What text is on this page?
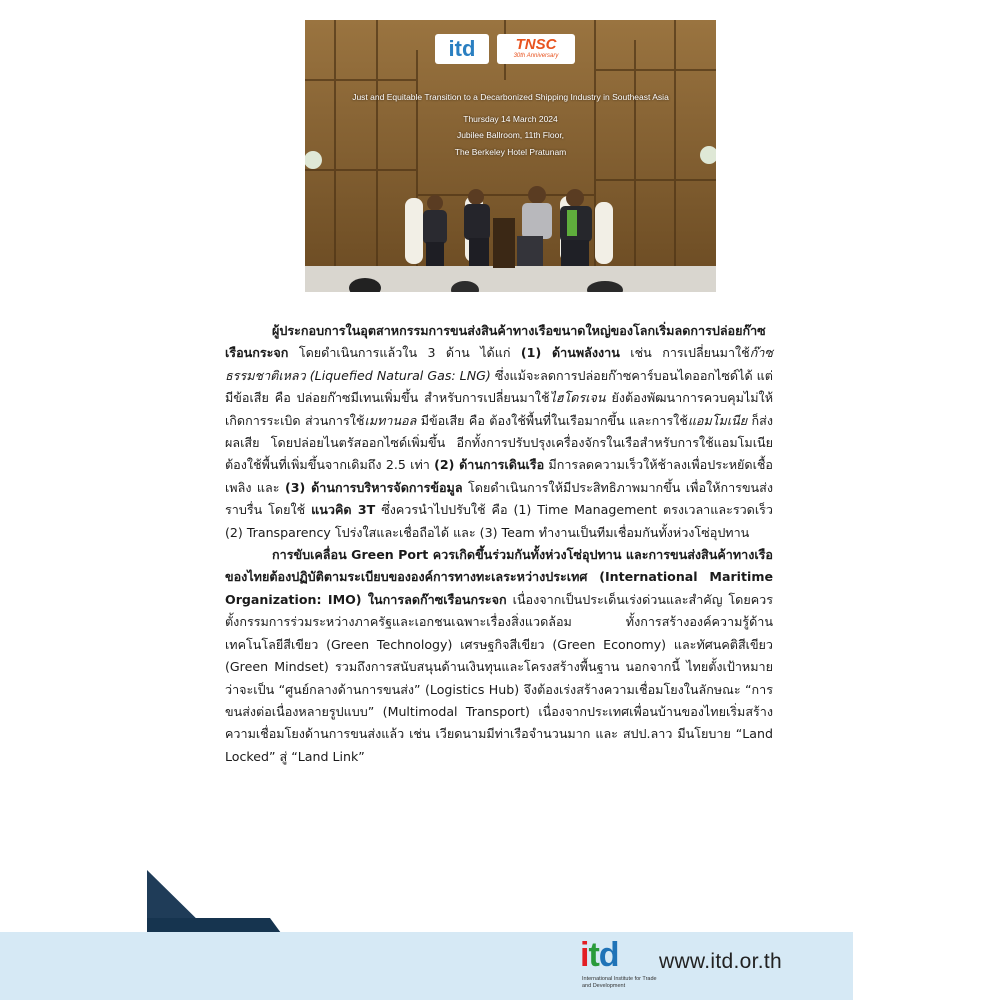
itd	TNSC
30th Anniversary
Just and Equitable Transition to a Decarbonized Shipping Industry in Southeast Asia
Thursday 14 March 2024
Jubilee Ballroom, 11th Floor,
The Berkeley Hotel Pratunam

ผู้ประกอบการในอุตสาหกรรมการขนส่งสินค้าทางเรือขนาดใหญ่ของโลกเริ่มลดการปล่อยก๊าซเรือนกระจก โดยดำเนินการแล้วใน 3 ด้าน ได้แก่ (1) ด้านพลังงาน เช่น การเปลี่ยนมาใช้ก๊าซธรรมชาติเหลว (Liquefied Natural Gas: LNG) ซึ่งแม้จะลดการปล่อยก๊าซคาร์บอนไดออกไซด์ได้ แต่มีข้อเสีย คือ ปล่อยก๊าซมีเทนเพิ่มขึ้น สำหรับการเปลี่ยนมาใช้ไฮโดรเจน ยังต้องพัฒนาการควบคุมไม่ให้เกิดการระเบิด ส่วนการใช้เมทานอล มีข้อเสีย คือ ต้องใช้พื้นที่ในเรือมากขึ้น และการใช้แอมโมเนีย ก็ส่งผลเสีย โดยปล่อยไนตรัสออกไซด์เพิ่มขึ้น อีกทั้งการปรับปรุงเครื่องจักรในเรือสำหรับการใช้แอมโมเนียต้องใช้พื้นที่เพิ่มขึ้นจากเดิมถึง 2.5 เท่า (2) ด้านการเดินเรือ มีการลดความเร็วให้ช้าลงเพื่อประหยัดเชื้อเพลิง และ (3) ด้านการบริหารจัดการข้อมูล โดยดำเนินการให้มีประสิทธิภาพมากขึ้น เพื่อให้การขนส่งราบรื่น โดยใช้ แนวคิด 3T ซึ่งควรนำไปปรับใช้ คือ (1) Time Management ตรงเวลาและรวดเร็ว (2) Transparency โปร่งใสและเชื่อถือได้ และ (3) Team ทำงานเป็นทีมเชื่อมกันทั้งห่วงโซ่อุปทาน

การขับเคลื่อน Green Port ควรเกิดขึ้นร่วมกันทั้งห่วงโซ่อุปทาน และการขนส่งสินค้าทางเรือของไทยต้องปฏิบัติตามระเบียบขององค์การทางทะเลระหว่างประเทศ (International Maritime Organization: IMO) ในการลดก๊าซเรือนกระจก เนื่องจากเป็นประเด็นเร่งด่วนและสำคัญ โดยควรตั้งกรรมการร่วมระหว่างภาครัฐและเอกชนเฉพาะเรื่องสิ่งแวดล้อม ทั้งการสร้างองค์ความรู้ด้านเทคโนโลยีสีเขียว (Green Technology) เศรษฐกิจสีเขียว (Green Economy) และทัศนคติสีเขียว (Green Mindset) รวมถึงการสนับสนุนด้านเงินทุนและโครงสร้างพื้นฐาน นอกจากนี้ ไทยตั้งเป้าหมายว่าจะเป็น “ศูนย์กลางด้านการขนส่ง” (Logistics Hub) จึงต้องเร่งสร้างความเชื่อมโยงในลักษณะ “การขนส่งต่อเนื่องหลายรูปแบบ” (Multimodal Transport) เนื่องจากประเทศเพื่อนบ้านของไทยเริ่มสร้างความเชื่อมโยงด้านการขนส่งแล้ว เช่น เวียดนามมีท่าเรือจำนวนมาก และ สปป.ลาว มีนโยบาย “Land Locked” สู่ “Land Link”

itd
International Institute for Trade and Development
www.itd.or.th
